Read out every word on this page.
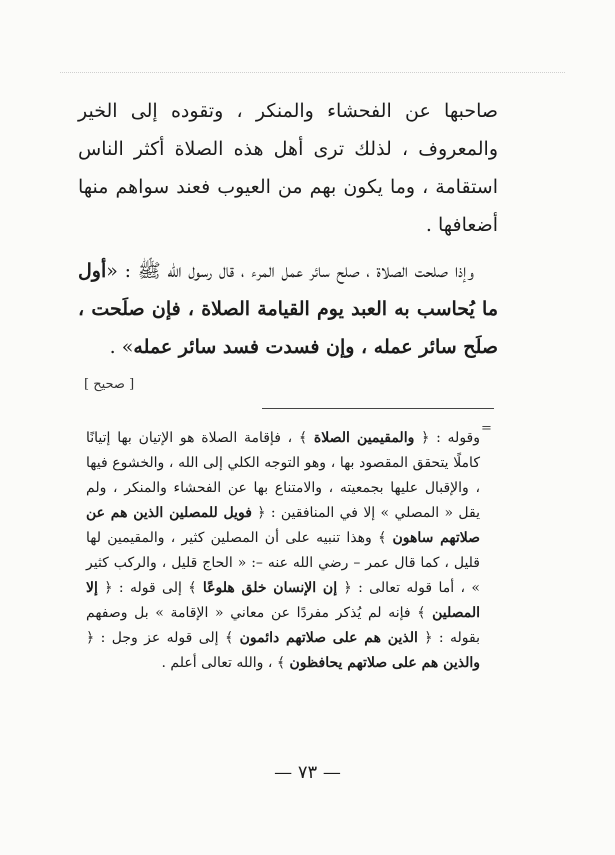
صاحبها عن الفحشاء والمنكر ، وتقوده إلى الخير والمعروف ، لذلك ترى أهل هذه الصلاة أكثر الناس استقامة ، وما يكون بهم من العيوب فعند سواهم منها أضعافها .

وإذا صلحت الصلاة ، صلح سائر عمل المرء ، قال رسول الله ﷺ : «أول ما يُحاسب به العبد يوم القيامة الصلاة ، فإن صلَحت ، صلَح سائر عمله ، وإن فسدت فسد سائر عمله» .
[ صحيح ]

=

وقوله : ﴿ والمقيمين الصلاة ﴾ ، فإقامة الصلاة هو الإتيان بها إتيانًا كاملًا يتحقق المقصود بها ، وهو التوجه الكلي إلى الله ، والخشوع فيها ، والإقبال عليها بجمعيته ، والامتناع بها عن الفحشاء والمنكر ، ولم يقل « المصلي » إلا في المنافقين : ﴿ فويل للمصلين الذين هم عن صلاتهم ساهون ﴾ وهذا تنبيه على أن المصلين كثير ، والمقيمين لها قليل ، كما قال عمر – رضي الله عنه –: « الحاج قليل ، والركب كثير » ، أما قوله تعالى : ﴿ إن الإنسان خلق هلوعًا ﴾ إلى قوله : ﴿ إلا المصلين ﴾ فإنه لم يُذكر مفردًا عن معاني « الإقامة » بل وصفهم بقوله : ﴿ الذين هم على صلاتهم دائمون ﴾ إلى قوله عز وجل : ﴿ والذين هم على صلاتهم يحافظون ﴾ ، والله تعالى أعلم .

— ٧٣ —
